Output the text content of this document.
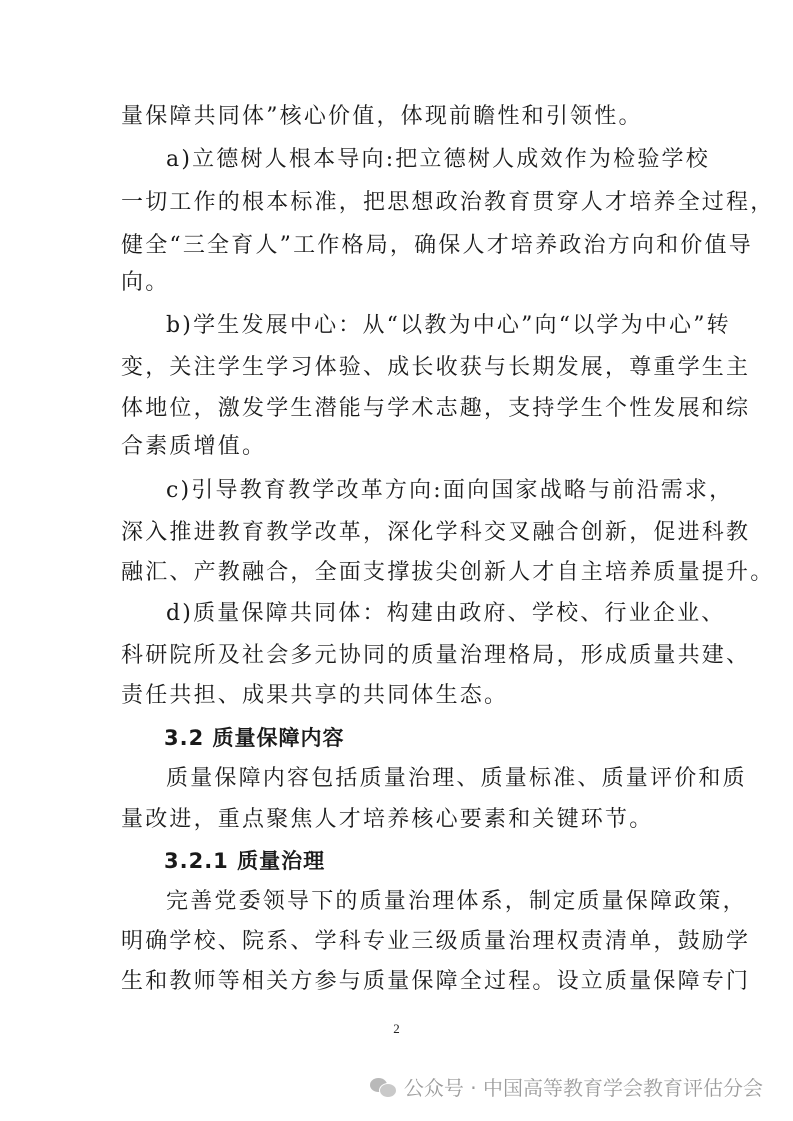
量保障共同体”核心价值，体现前瞻性和引领性。
a)立德树人根本导向:把立德树人成效作为检验学校
一切工作的根本标准，把思想政治教育贯穿人才培养全过程，
健全“三全育人”工作格局，确保人才培养政治方向和价值导
向。
b)学生发展中心：从“以教为中心”向“以学为中心”转
变，关注学生学习体验、成长收获与长期发展，尊重学生主
体地位，激发学生潜能与学术志趣，支持学生个性发展和综
合素质增值。
c)引导教育教学改革方向:面向国家战略与前沿需求，
深入推进教育教学改革，深化学科交叉融合创新，促进科教
融汇、产教融合，全面支撑拔尖创新人才自主培养质量提升。
d)质量保障共同体：构建由政府、学校、行业企业、
科研院所及社会多元协同的质量治理格局，形成质量共建、
责任共担、成果共享的共同体生态。
3.2 质量保障内容
质量保障内容包括质量治理、质量标准、质量评价和质
量改进，重点聚焦人才培养核心要素和关键环节。
3.2.1 质量治理
完善党委领导下的质量治理体系，制定质量保障政策，
明确学校、院系、学科专业三级质量治理权责清单，鼓励学
生和教师等相关方参与质量保障全过程。设立质量保障专门
2
公众号 · 中国高等教育学会教育评估分会
